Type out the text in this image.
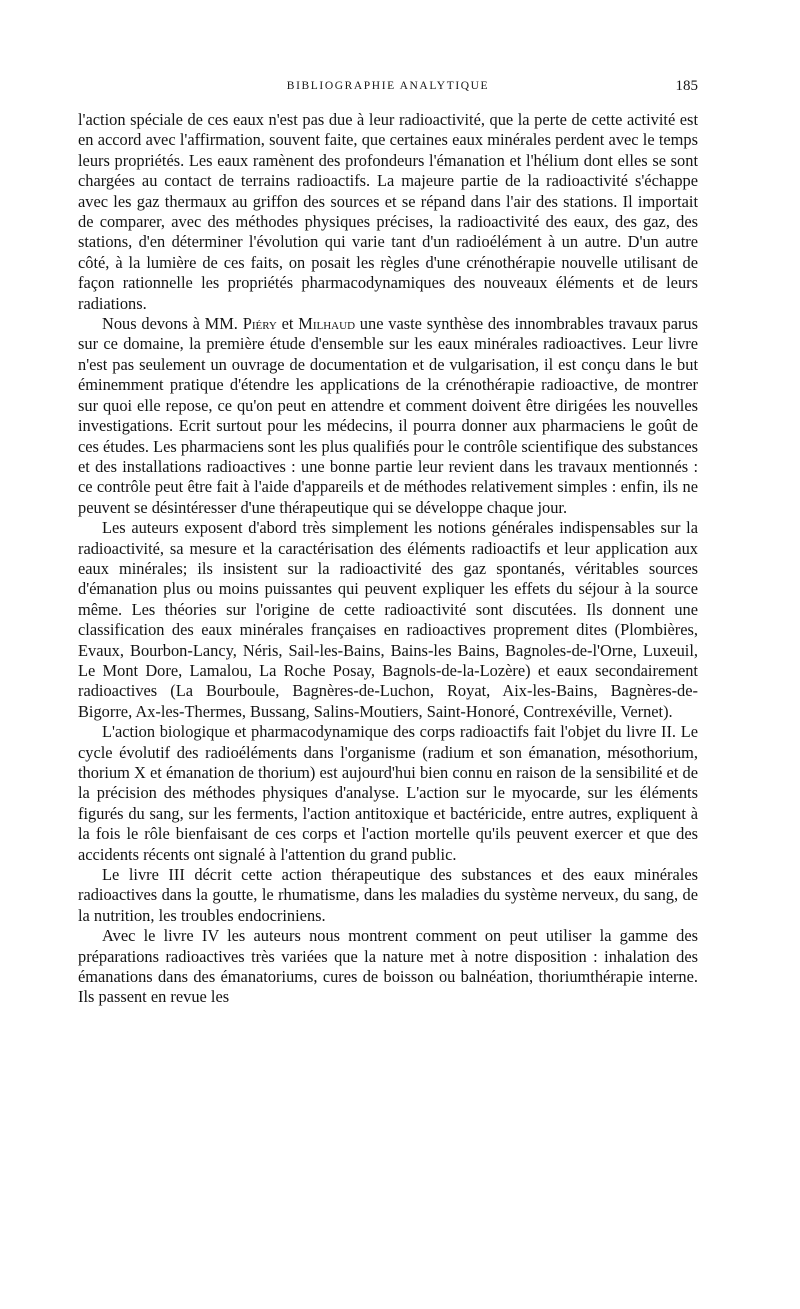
BIBLIOGRAPHIE ANALYTIQUE	185

l'action spéciale de ces eaux n'est pas due à leur radioactivité, que la perte de cette activité est en accord avec l'affirmation, souvent faite, que certaines eaux minérales perdent avec le temps leurs propriétés. Les eaux ramènent des profondeurs l'émanation et l'hélium dont elles se sont chargées au contact de terrains radioactifs. La majeure partie de la radioactivité s'échappe avec les gaz thermaux au griffon des sources et se répand dans l'air des stations. Il importait de comparer, avec des méthodes physiques précises, la radioactivité des eaux, des gaz, des stations, d'en déterminer l'évolution qui varie tant d'un radioélément à un autre. D'un autre côté, à la lumière de ces faits, on posait les règles d'une crénothérapie nouvelle utilisant de façon rationnelle les propriétés pharmacodynamiques des nouveaux éléments et de leurs radiations.

Nous devons à MM. Piéry et Milhaud une vaste synthèse des innombrables travaux parus sur ce domaine, la première étude d'ensemble sur les eaux minérales radioactives. Leur livre n'est pas seulement un ouvrage de documentation et de vulgarisation, il est conçu dans le but éminemment pratique d'étendre les applications de la crénothérapie radioactive, de montrer sur quoi elle repose, ce qu'on peut en attendre et comment doivent être dirigées les nouvelles investigations. Ecrit surtout pour les médecins, il pourra donner aux pharmaciens le goût de ces études. Les pharmaciens sont les plus qualifiés pour le contrôle scientifique des substances et des installations radioactives : une bonne partie leur revient dans les travaux mentionnés : ce contrôle peut être fait à l'aide d'appareils et de méthodes relativement simples : enfin, ils ne peuvent se désintéresser d'une thérapeutique qui se développe chaque jour.

Les auteurs exposent d'abord très simplement les notions générales indispensables sur la radioactivité, sa mesure et la caractérisation des éléments radioactifs et leur application aux eaux minérales; ils insistent sur la radioactivité des gaz spontanés, véritables sources d'émanation plus ou moins puissantes qui peuvent expliquer les effets du séjour à la source même. Les théories sur l'origine de cette radioactivité sont discutées. Ils donnent une classification des eaux minérales françaises en radioactives proprement dites (Plombières, Evaux, Bourbon-Lancy, Néris, Sail-les-Bains, Bains-les Bains, Bagnoles-de-l'Orne, Luxeuil, Le Mont Dore, Lamalou, La Roche Posay, Bagnols-de-la-Lozère) et eaux secondairement radioactives (La Bourboule, Bagnères-de-Luchon, Royat, Aix-les-Bains, Bagnères-de-Bigorre, Ax-les-Thermes, Bussang, Salins-Moutiers, Saint-Honoré, Contrexéville, Vernet).

L'action biologique et pharmacodynamique des corps radioactifs fait l'objet du livre II. Le cycle évolutif des radioéléments dans l'organisme (radium et son émanation, mésothorium, thorium X et émanation de thorium) est aujourd'hui bien connu en raison de la sensibilité et de la précision des méthodes physiques d'analyse. L'action sur le myocarde, sur les éléments figurés du sang, sur les ferments, l'action antitoxique et bactéricide, entre autres, expliquent à la fois le rôle bienfaisant de ces corps et l'action mortelle qu'ils peuvent exercer et que des accidents récents ont signalé à l'attention du grand public.

Le livre III décrit cette action thérapeutique des substances et des eaux minérales radioactives dans la goutte, le rhumatisme, dans les maladies du système nerveux, du sang, de la nutrition, les troubles endocriniens.

Avec le livre IV les auteurs nous montrent comment on peut utiliser la gamme des préparations radioactives très variées que la nature met à notre disposition : inhalation des émanations dans des émanatoriums, cures de boisson ou balnéation, thoriumthérapie interne. Ils passent en revue les
